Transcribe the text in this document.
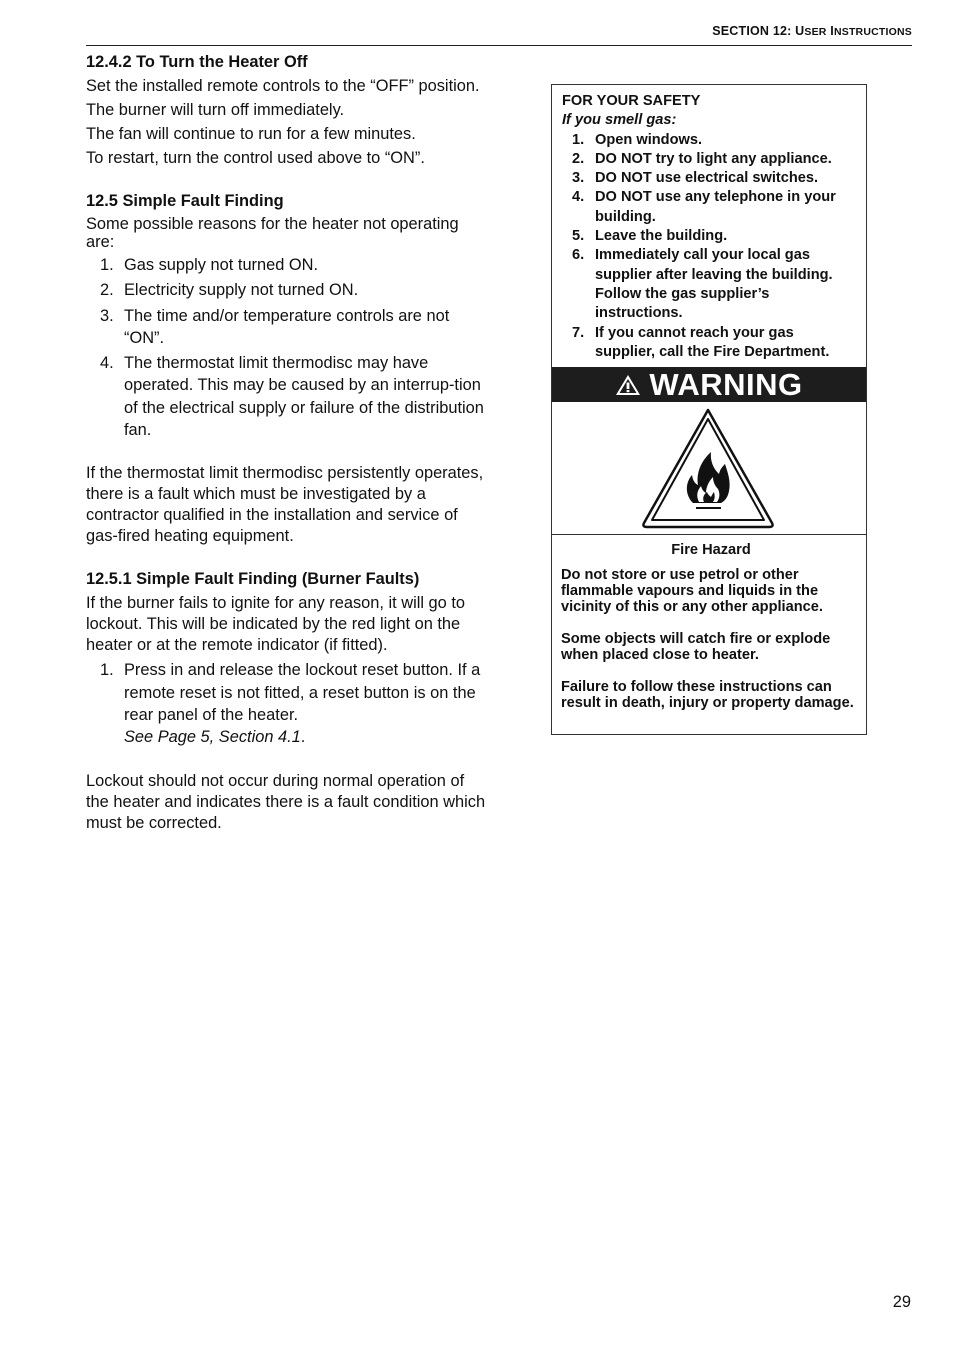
SECTION 12: USER INSTRUCTIONS
12.4.2 To Turn the Heater Off

Set the installed remote controls to the “OFF” position.

The burner will turn off immediately.

The fan will continue to run for a few minutes.

To restart, turn the control used above to “ON”.

12.5 Simple Fault Finding

Some possible reasons for the heater not operating are:

1. Gas supply not turned ON.
2. Electricity supply not turned ON.
3. The time and/or temperature controls are not “ON”.
4. The thermostat limit thermodisc may have operated. This may be caused by an interrup-tion of the electrical supply or failure of the distribution fan.

If the thermostat limit thermodisc persistently operates, there is a fault which must be investigated by a contractor qualified in the installation and service of gas-fired heating equipment.

12.5.1 Simple Fault Finding (Burner Faults)

If the burner fails to ignite for any reason, it will go to lockout. This will be indicated by the red light on the heater or at the remote indicator (if fitted).

1. Press in and release the lockout reset button. If a remote reset is not fitted, a reset button is on the rear panel of the heater.
See Page 5, Section 4.1.

Lockout should not occur during normal operation of the heater and indicates there is a fault condition which must be corrected.

FOR YOUR SAFETY

If you smell gas:

1. Open windows.
2. DO NOT try to light any appliance.
3. DO NOT use electrical switches.
4. DO NOT use any telephone in your building.
5. Leave the building.
6. Immediately call your local gas supplier after leaving the building. Follow the gas supplier’s instructions.
7. If you cannot reach your gas supplier, call the Fire Department.
WARNING

Fire Hazard

Do not store or use petrol or other flammable vapours and liquids in the vicinity of this or any other appliance.

Some objects will catch fire or explode when placed close to heater.

Failure to follow these instructions can result in death, injury or property damage.

29
